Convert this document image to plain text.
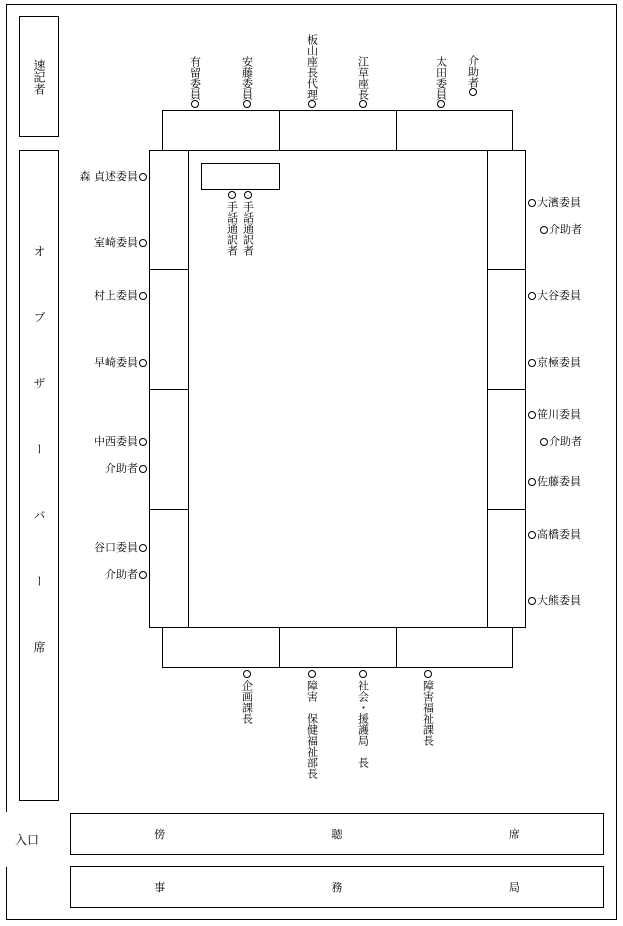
速記者
オブザーバー席
入口	傍	聴	席
事	務	局
手話通訳者 手話通訳者
有留委員	安藤委員	板山座長代理	江草座長	太田委員 介助者
森 貞述委員
室崎委員
村上委員
早崎委員
中西委員
介助者
谷口委員
介助者
大濱委員
介助者
大谷委員
京極委員
笹川委員
介助者
佐藤委員
高橋委員
大熊委員
企画課長	障害　保健福祉部長	社会・援護局　長	障害福祉課長
